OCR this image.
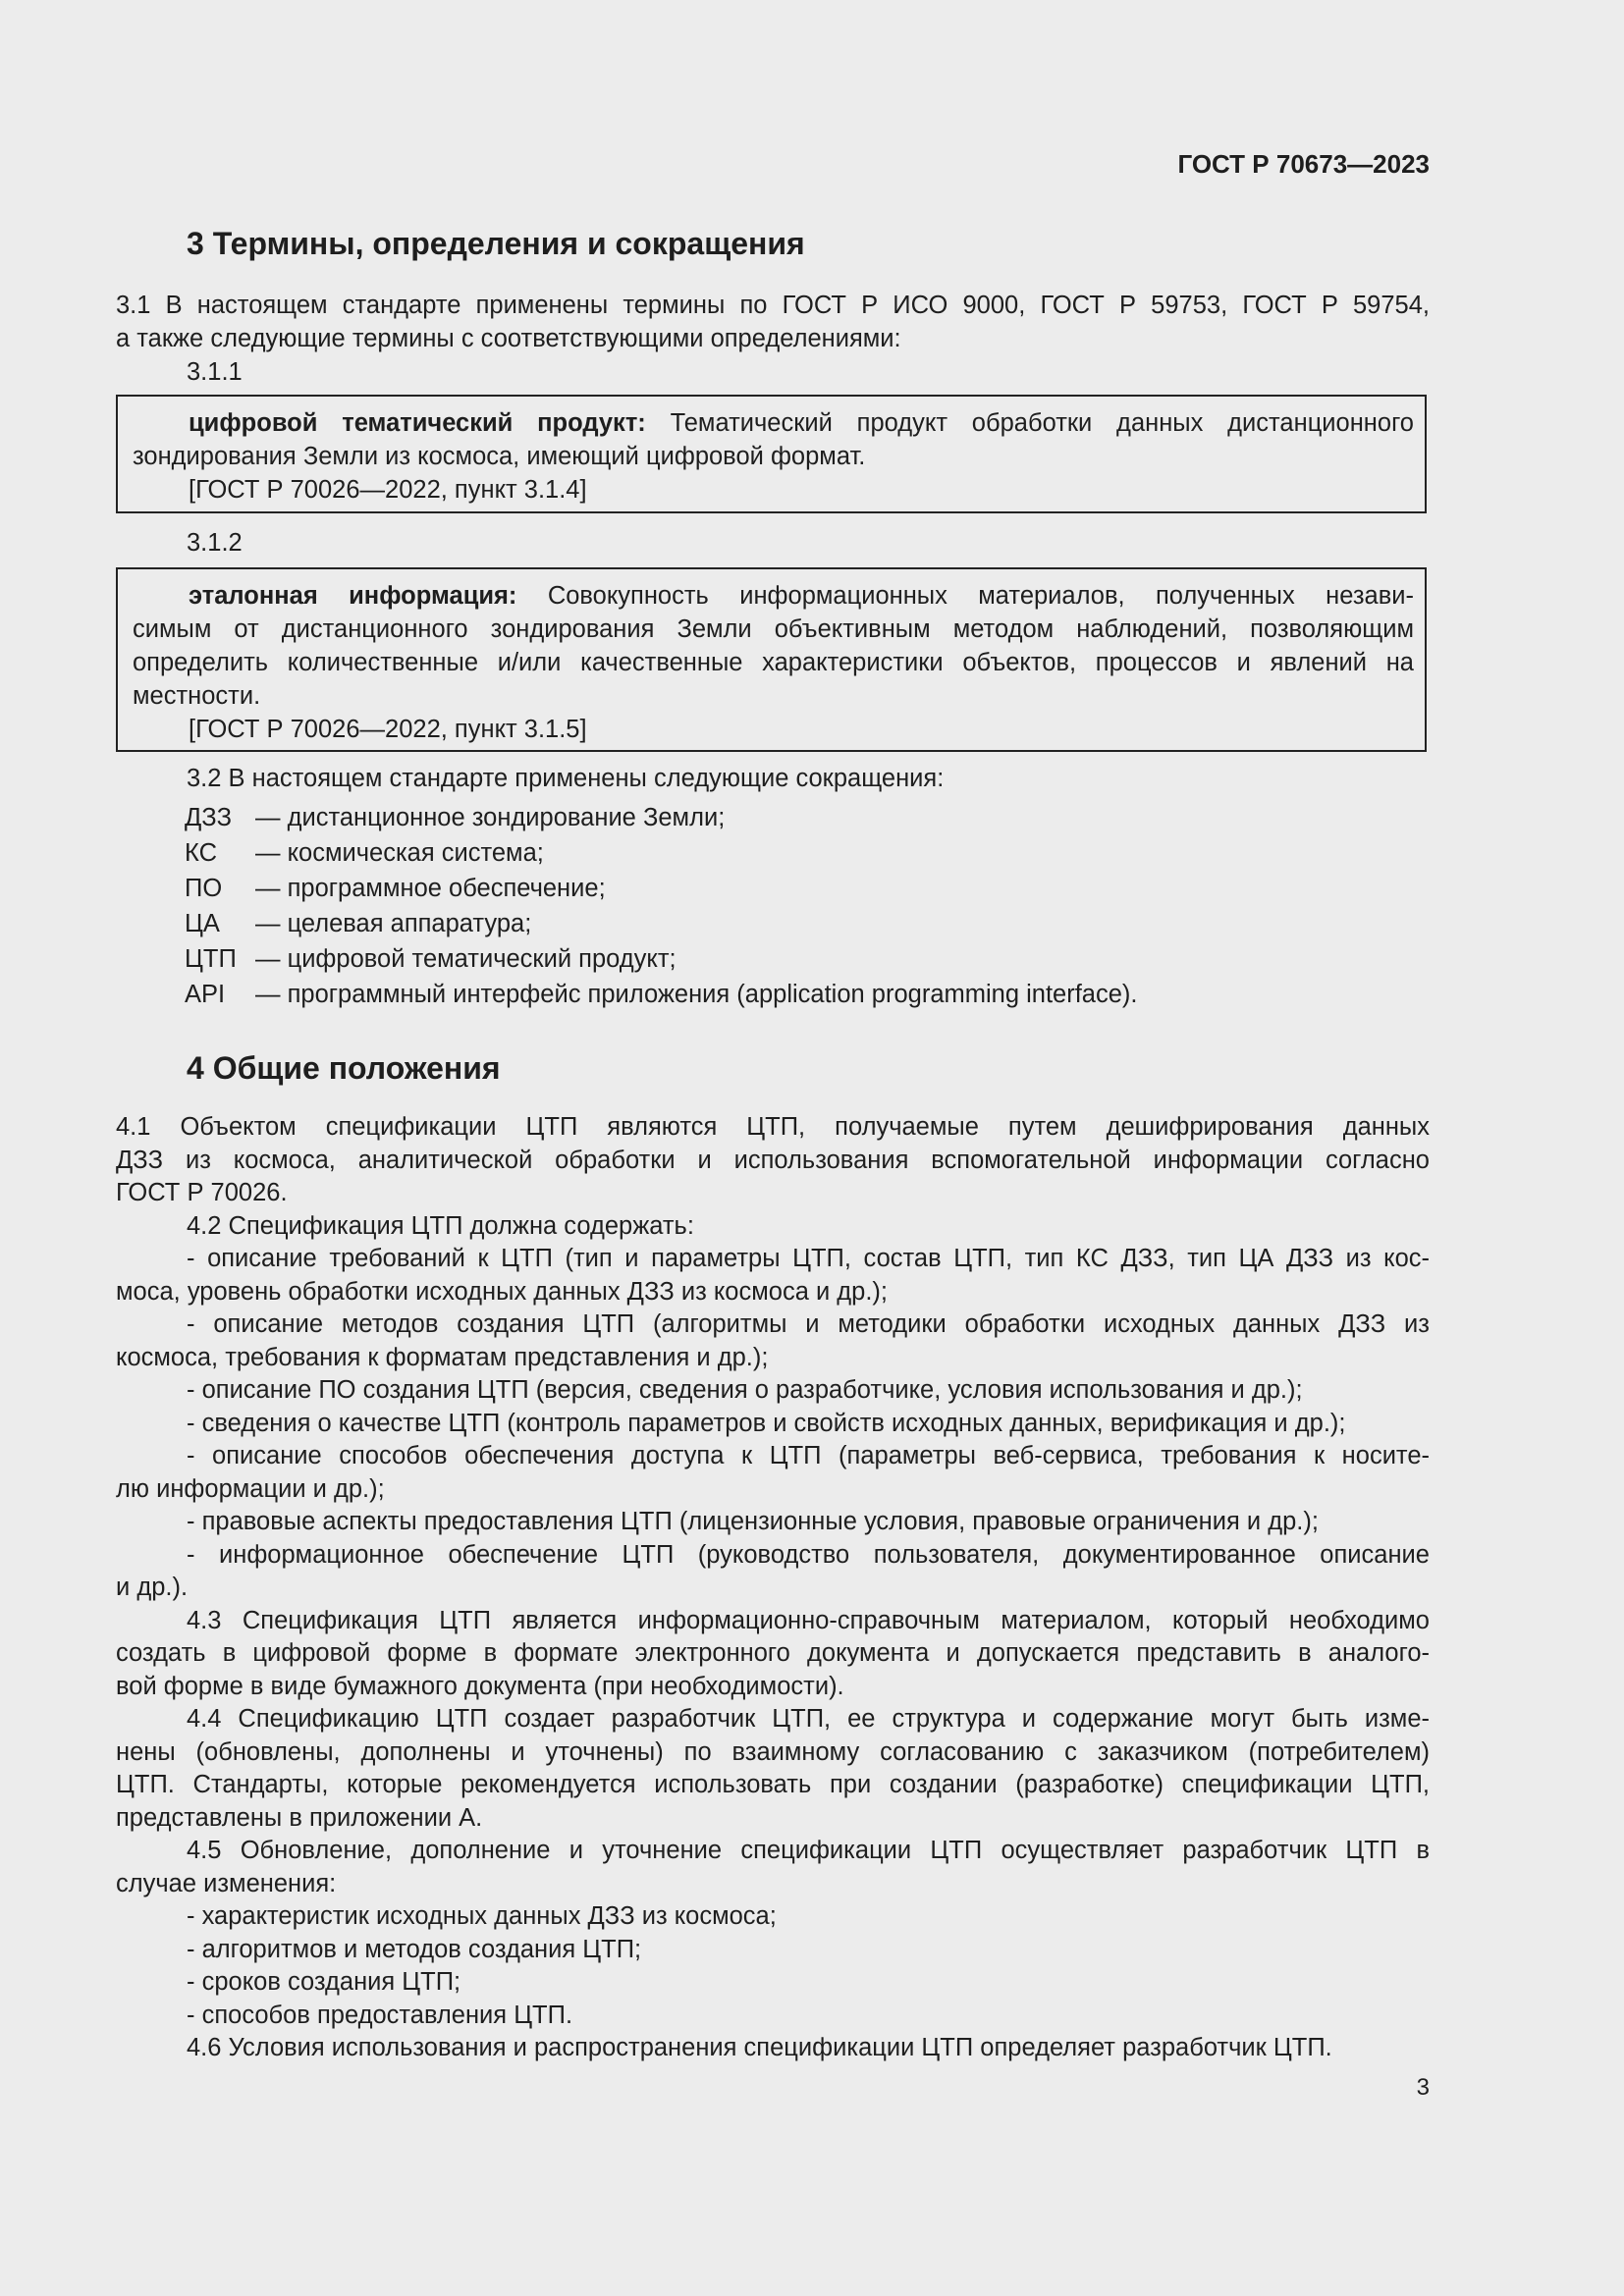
ГОСТ Р 70673—2023
3 Термины, определения и сокращения
3.1 В настоящем стандарте применены термины по ГОСТ Р ИСО 9000, ГОСТ Р 59753, ГОСТ Р 59754,
а также следующие термины с соответствующими определениями:
3.1.1
цифровой тематический продукт: Тематический продукт обработки данных дистанционного
зондирования Земли из космоса, имеющий цифровой формат.
[ГОСТ Р 70026—2022, пункт 3.1.4]
3.1.2
эталонная информация: Совокупность информационных материалов, полученных незави-
симым от дистанционного зондирования Земли объективным методом наблюдений, позволяющим
определить количественные и/или качественные характеристики объектов, процессов и явлений на
местности.
[ГОСТ Р 70026—2022, пункт 3.1.5]
3.2 В настоящем стандарте применены следующие сокращения:
ДЗЗ — дистанционное зондирование Земли;
КС — космическая система;
ПО — программное обеспечение;
ЦА — целевая аппаратура;
ЦТП — цифровой тематический продукт;
API — программный интерфейс приложения (application programming interface).
4 Общие положения
4.1 Объектом спецификации ЦТП являются ЦТП, получаемые путем дешифрирования данных
ДЗЗ из космоса, аналитической обработки и использования вспомогательной информации согласно
ГОСТ Р 70026.
4.2 Спецификация ЦТП должна содержать:
- описание требований к ЦТП (тип и параметры ЦТП, состав ЦТП, тип КС ДЗЗ, тип ЦА ДЗЗ из кос-
моса, уровень обработки исходных данных ДЗЗ из космоса и др.);
- описание методов создания ЦТП (алгоритмы и методики обработки исходных данных ДЗЗ из
космоса, требования к форматам представления и др.);
- описание ПО создания ЦТП (версия, сведения о разработчике, условия использования и др.);
- сведения о качестве ЦТП (контроль параметров и свойств исходных данных, верификация и др.);
- описание способов обеспечения доступа к ЦТП (параметры веб-сервиса, требования к носите-
лю информации и др.);
- правовые аспекты предоставления ЦТП (лицензионные условия, правовые ограничения и др.);
- информационное обеспечение ЦТП (руководство пользователя, документированное описание
и др.).
4.3 Спецификация ЦТП является информационно-справочным материалом, который необходимо
создать в цифровой форме в формате электронного документа и допускается представить в аналого-
вой форме в виде бумажного документа (при необходимости).
4.4 Спецификацию ЦТП создает разработчик ЦТП, ее структура и содержание могут быть изме-
нены (обновлены, дополнены и уточнены) по взаимному согласованию с заказчиком (потребителем)
ЦТП. Стандарты, которые рекомендуется использовать при создании (разработке) спецификации ЦТП,
представлены в приложении А.
4.5 Обновление, дополнение и уточнение спецификации ЦТП осуществляет разработчик ЦТП в
случае изменения:
- характеристик исходных данных ДЗЗ из космоса;
- алгоритмов и методов создания ЦТП;
- сроков создания ЦТП;
- способов предоставления ЦТП.
4.6 Условия использования и распространения спецификации ЦТП определяет разработчик ЦТП.
3
